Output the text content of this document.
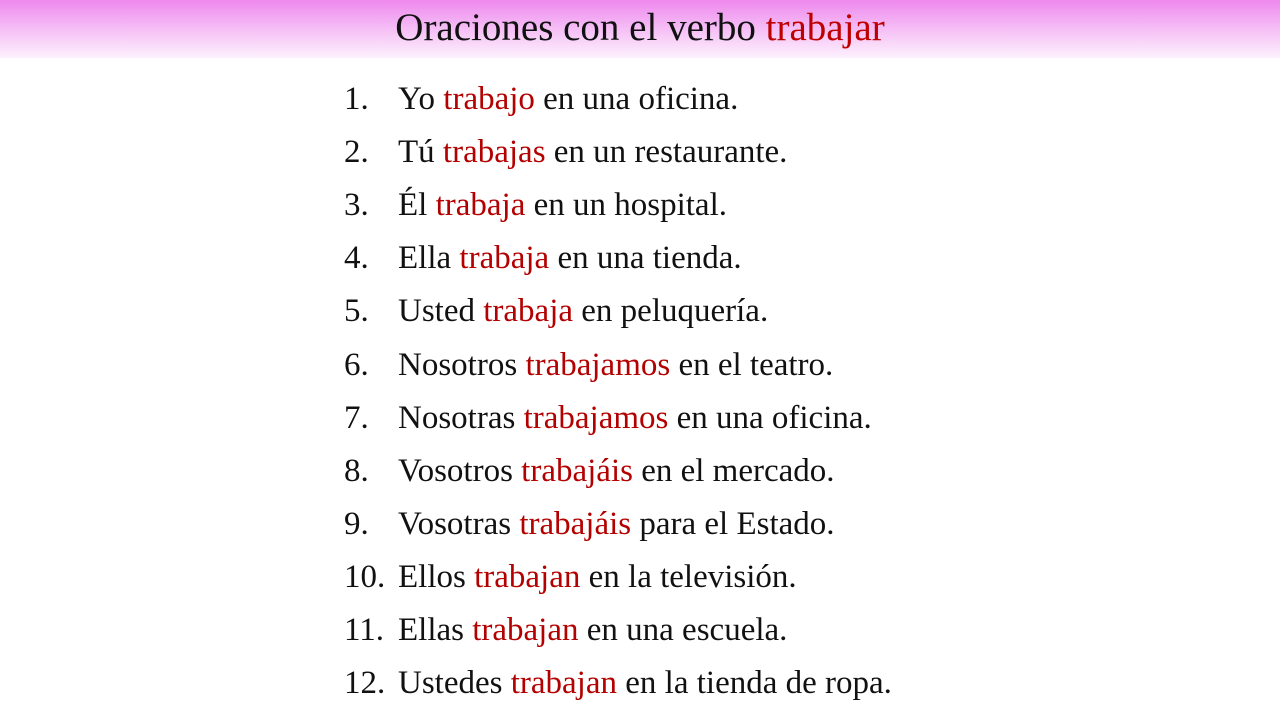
Oraciones con el verbo trabajar
1. Yo trabajo en una oficina.
2. Tú trabajas en un restaurante.
3. Él trabaja en un hospital.
4. Ella trabaja en una tienda.
5. Usted trabaja en peluquería.
6. Nosotros trabajamos en el teatro.
7. Nosotras trabajamos en una oficina.
8. Vosotros trabajáis en el mercado.
9. Vosotras trabajáis para el Estado.
10. Ellos trabajan en la televisión.
11. Ellas trabajan en una escuela.
12. Ustedes trabajan en la tienda de ropa.
